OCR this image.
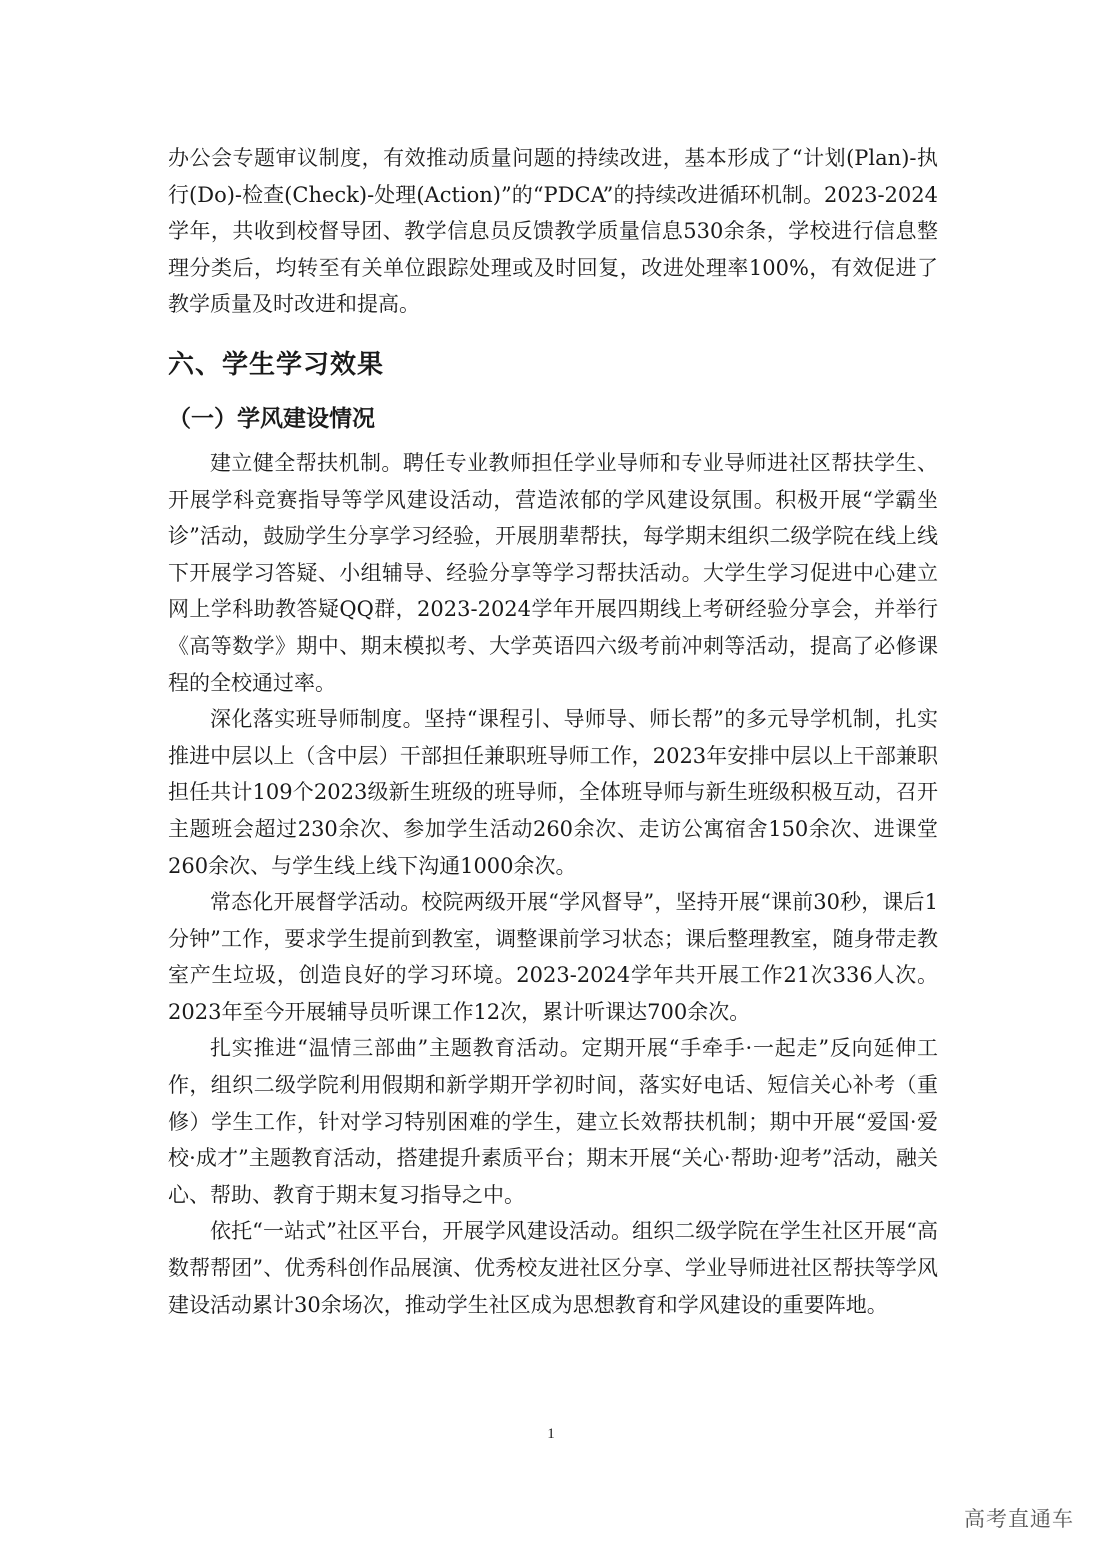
办公会专题审议制度，有效推动质量问题的持续改进，基本形成了“计划(Plan)-执行(Do)-检查(Check)-处理(Action)”的“PDCA”的持续改进循环机制。2023-2024学年，共收到校督导团、教学信息员反馈教学质量信息530余条，学校进行信息整理分类后，均转至有关单位跟踪处理或及时回复，改进处理率100%，有效促进了教学质量及时改进和提高。

六、学生学习效果
（一）学风建设情况

建立健全帮扶机制。聘任专业教师担任学业导师和专业导师进社区帮扶学生、开展学科竞赛指导等学风建设活动，营造浓郁的学风建设氛围。积极开展“学霸坐诊”活动，鼓励学生分享学习经验，开展朋辈帮扶，每学期末组织二级学院在线上线下开展学习答疑、小组辅导、经验分享等学习帮扶活动。大学生学习促进中心建立网上学科助教答疑QQ群，2023-2024学年开展四期线上考研经验分享会，并举行《高等数学》期中、期末模拟考、大学英语四六级考前冲刺等活动，提高了必修课程的全校通过率。

深化落实班导师制度。坚持“课程引、导师导、师长帮”的多元导学机制，扎实推进中层以上（含中层）干部担任兼职班导师工作，2023年安排中层以上干部兼职担任共计109个2023级新生班级的班导师，全体班导师与新生班级积极互动，召开主题班会超过230余次、参加学生活动260余次、走访公寓宿舍150余次、进课堂260余次、与学生线上线下沟通1000余次。

常态化开展督学活动。校院两级开展“学风督导”，坚持开展“课前30秒，课后1分钟”工作，要求学生提前到教室，调整课前学习状态；课后整理教室，随身带走教室产生垃圾，创造良好的学习环境。2023-2024学年共开展工作21次336人次。2023年至今开展辅导员听课工作12次，累计听课达700余次。

扎实推进“温情三部曲”主题教育活动。定期开展“手牵手·一起走”反向延伸工作，组织二级学院利用假期和新学期开学初时间，落实好电话、短信关心补考（重修）学生工作，针对学习特别困难的学生，建立长效帮扶机制；期中开展“爱国·爱校·成才”主题教育活动，搭建提升素质平台；期末开展“关心·帮助·迎考”活动，融关心、帮助、教育于期末复习指导之中。

依托“一站式”社区平台，开展学风建设活动。组织二级学院在学生社区开展“高数帮帮团”、优秀科创作品展演、优秀校友进社区分享、学业导师进社区帮扶等学风建设活动累计30余场次，推动学生社区成为思想教育和学风建设的重要阵地。

1
高考直通车
